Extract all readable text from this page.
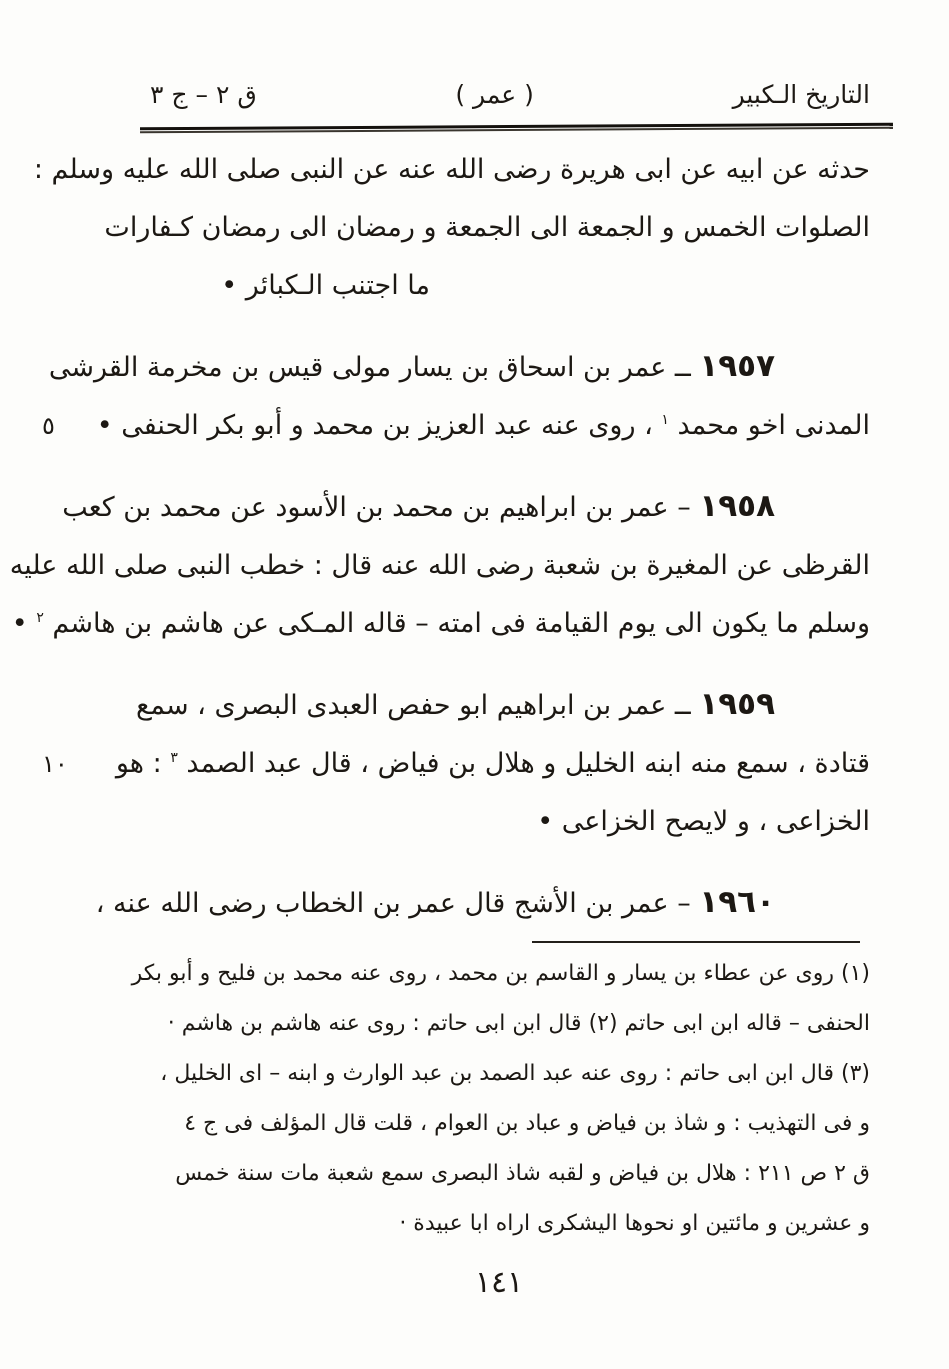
التاريخ الـكبير
( عمر )
ق ٢ – ج ٣
حدثه عن ابيه عن ابى هريرة رضى الله عنه عن النبى صلى الله عليه وسلم :
الصلوات الخمس و الجمعة الى الجمعة و رمضان الى رمضان كـفارات
ما اجتنب الـكبائر •
١٩٥٧ ــ عمر بن اسحاق بن يسار مولى قيس بن مخرمة القرشى
٥	المدنى اخو محمد $^١$ ، روى عنه عبد العزيز بن محمد و أبو بكر الحنفى •
١٩٥٨ – عمر بن ابراهيم بن محمد بن الأسود عن محمد بن كعب
القرظى عن المغيرة بن شعبة رضى الله عنه قال : خطب النبى صلى الله عليه
وسلم ما يكون الى يوم القيامة فى امته – قاله المـكى عن هاشم بن هاشم $^٢$ •
١٩٥٩ ــ عمر بن ابراهيم ابو حفص العبدى البصرى ، سمع
١٠	قتادة ، سمع منه ابنه الخليل و هلال بن فياض ، قال عبد الصمد $^٣$ : هو
الخزاعى ، و لايصح الخزاعى •
١٩٦٠ – عمر بن الأشج قال عمر بن الخطاب رضى الله عنه ،
(١) روى عن عطاء بن يسار و القاسم بن محمد ، روى عنه محمد بن فليح و أبو بكر
الحنفى – قاله ابن ابى حاتم (٢) قال ابن ابى حاتم : روى عنه هاشم بن هاشم ·
(٣) قال ابن ابى حاتم : روى عنه عبد الصمد بن عبد الوارث و ابنه – اى الخليل ،
و فى التهذيب : و شاذ بن فياض و عباد بن العوام ، قلت قال المؤلف فى ج ٤
ق ٢ ص ٢١١ : هلال بن فياض و لقبه شاذ البصرى سمع شعبة مات سنة خمس
و عشرين و مائتين او نحوها اليشكرى اراه ابا عبيدة ·
١٤١
